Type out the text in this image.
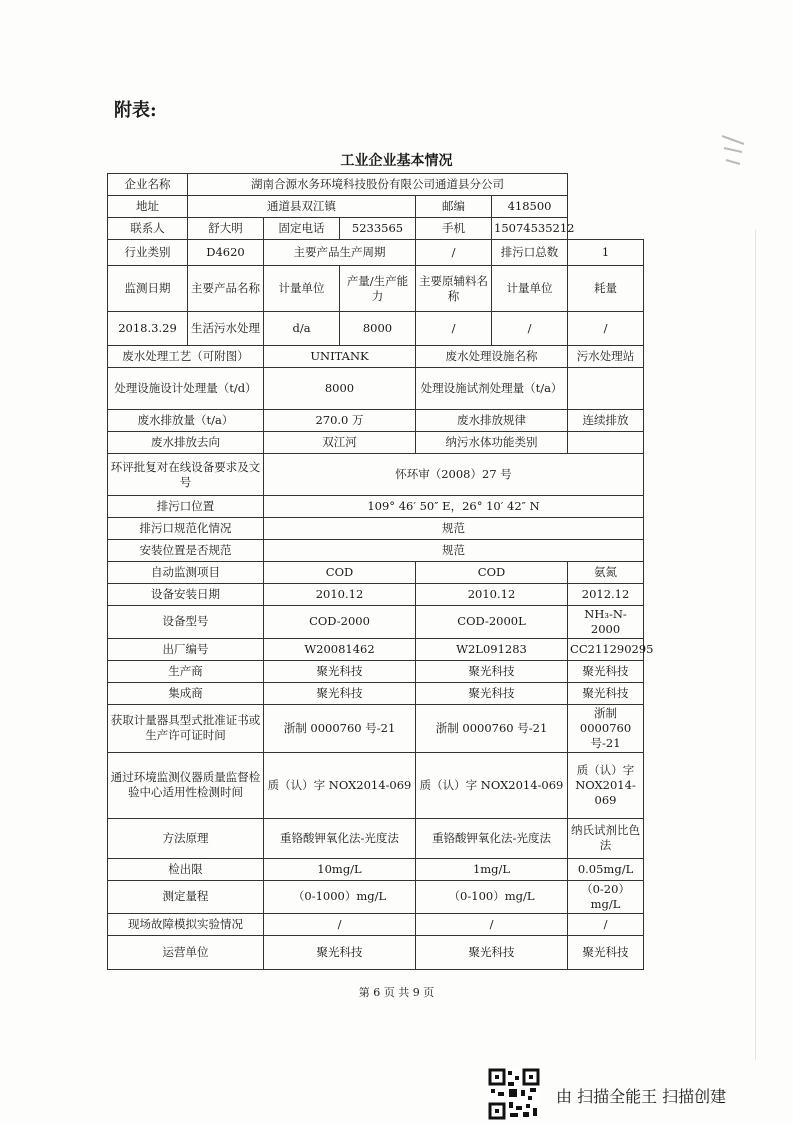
附表:
工业企业基本情况
企业名称	湖南合源水务环境科技股份有限公司通道县分公司					
地址	通道县双江镇			邮编	418500	
联系人	舒大明	固定电话	5233565	手机	15074535212	
行业类别	D4620	主要产品生产周期		/	排污口总数	1
监测日期	主要产品名称	计量单位	产量/生产能力	主要原辅料名称	计量单位	耗量
2018.3.29	生活污水处理	d/a	8000	/	/	/
废水处理工艺（可附图）		UNITANK		废水处理设施名称		污水处理站
处理设施设计处理量（t/d）		8000		处理设施试剂处理量（t/a）		
废水排放量（t/a）		270.0 万		废水排放规律		连续排放
废水排放去向		双江河		纳污水体功能类别		
环评批复对在线设备要求及文号		怀环审（2008）27 号				
排污口位置		109° 46′ 50″ E，26° 10′ 42″ N				
排污口规范化情况		规范				
安装位置是否规范		规范				
自动监测项目		COD		COD		氨氮
设备安装日期		2010.12		2010.12		2012.12
设备型号		COD-2000		COD-2000L		NH₃-N-2000
出厂编号		W20081462		W2L091283		CC211290295
生产商		聚光科技		聚光科技		聚光科技
集成商		聚光科技		聚光科技		聚光科技
获取计量器具型式批准证书或生产许可证时间		浙制 0000760 号-21		浙制 0000760 号-21		浙制 0000760 号-21
通过环境监测仪器质量监督检验中心适用性检测时间		质（认）字 NOX2014-069		质（认）字 NOX2014-069		质（认）字 NOX2014-069
方法原理		重铬酸钾氧化法-光度法		重铬酸钾氧化法-光度法		纳氏试剂比色法
检出限		10mg/L		1mg/L		0.05mg/L
测定量程		（0-1000）mg/L		（0-100）mg/L		（0-20）mg/L
现场故障模拟实验情况		/		/		/
运营单位		聚光科技		聚光科技		聚光科技
第 6 页 共 9 页
由 扫描全能王 扫描创建
